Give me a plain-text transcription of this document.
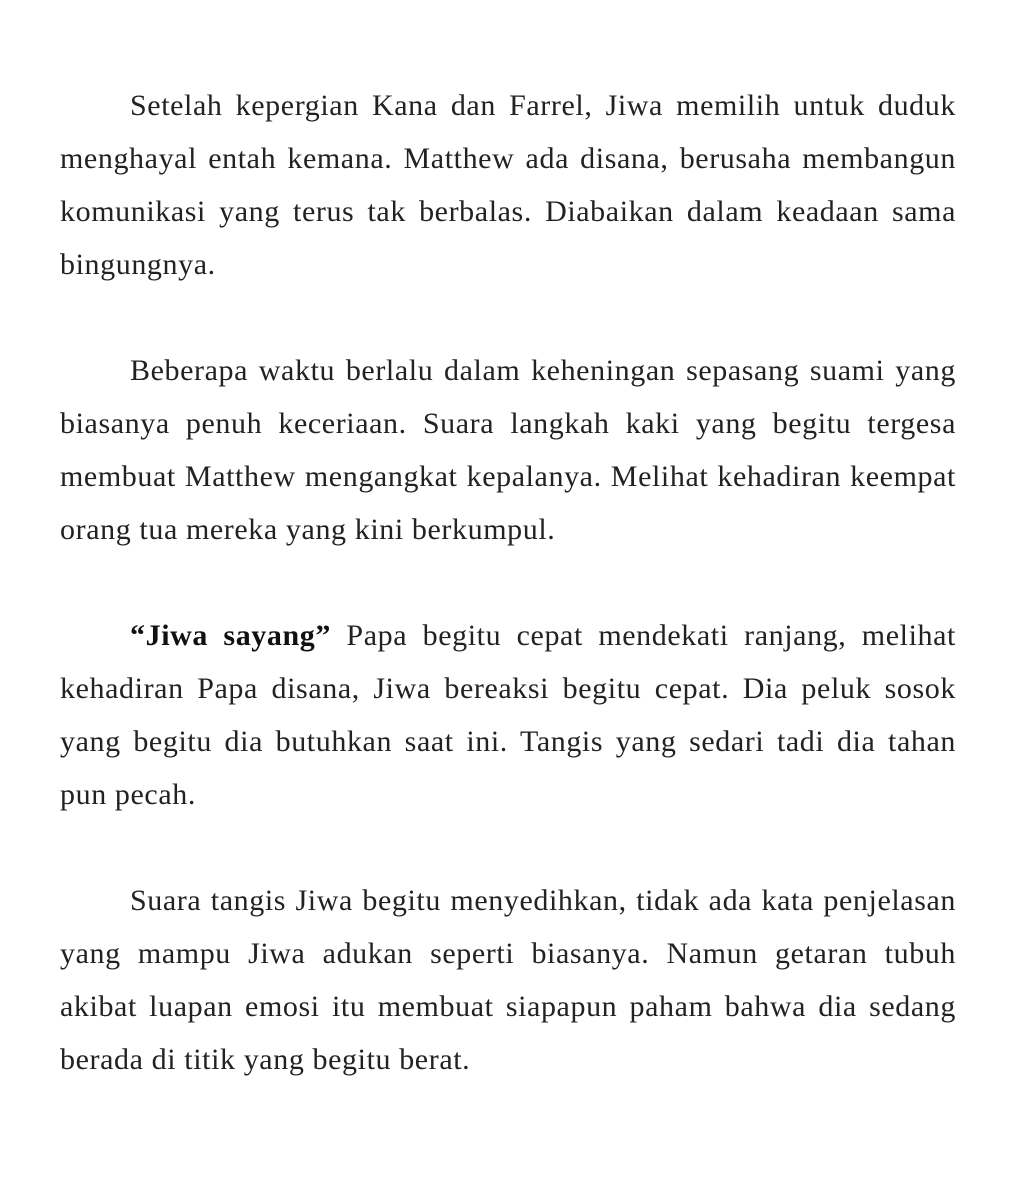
Setelah kepergian Kana dan Farrel, Jiwa memilih untuk duduk menghayal entah kemana. Matthew ada disana, berusaha membangun komunikasi yang terus tak berbalas. Diabaikan dalam keadaan sama bingungnya.

Beberapa waktu berlalu dalam keheningan sepasang suami yang biasanya penuh keceriaan. Suara langkah kaki yang begitu tergesa membuat Matthew mengangkat kepalanya. Melihat kehadiran keempat orang tua mereka yang kini berkumpul.

“Jiwa sayang” Papa begitu cepat mendekati ranjang, melihat kehadiran Papa disana, Jiwa bereaksi begitu cepat. Dia peluk sosok yang begitu dia butuhkan saat ini. Tangis yang sedari tadi dia tahan pun pecah.

Suara tangis Jiwa begitu menyedihkan, tidak ada kata penjelasan yang mampu Jiwa adukan seperti biasanya. Namun getaran tubuh akibat luapan emosi itu membuat siapapun paham bahwa dia sedang berada di titik yang begitu berat.
